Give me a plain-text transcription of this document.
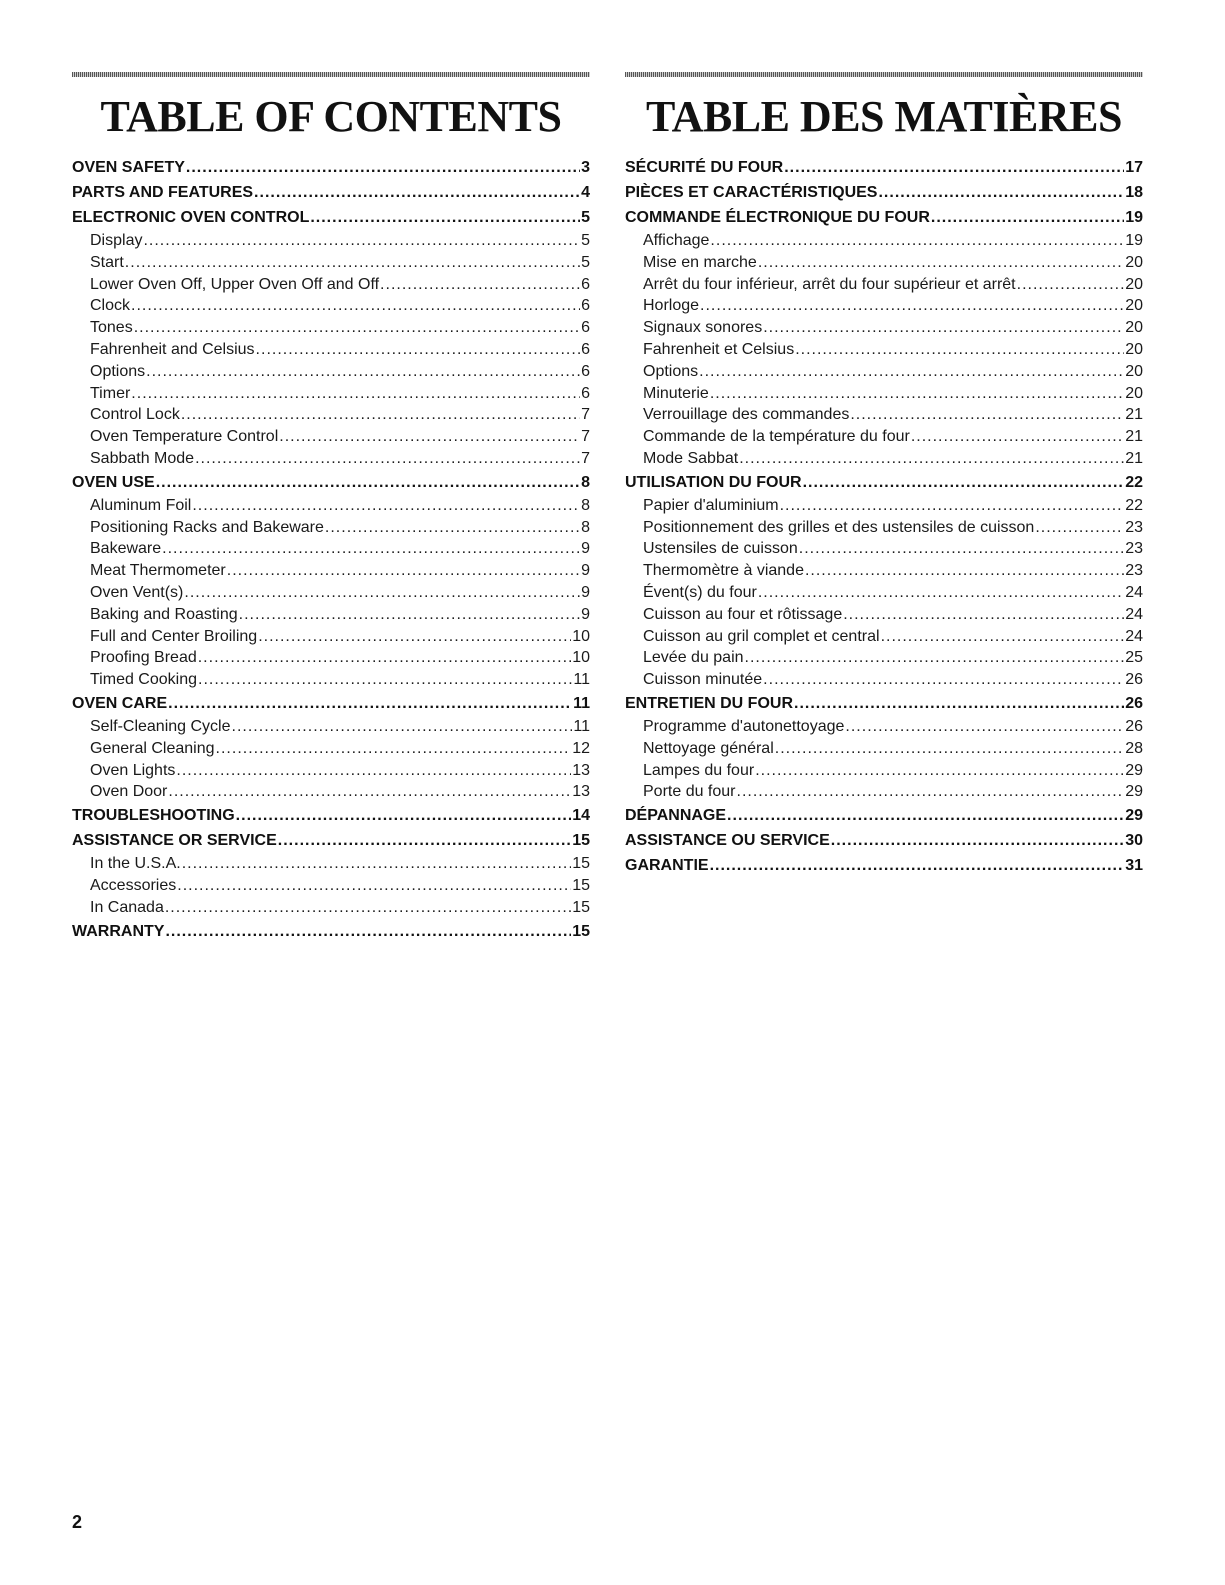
TABLE OF CONTENTS
OVEN SAFETY .....	3
PARTS AND FEATURES .....	4
ELECTRONIC OVEN CONTROL .....	5
Display .....	5
Start .....	5
Lower Oven Off, Upper Oven Off and Off .....	6
Clock .....	6
Tones .....	6
Fahrenheit and Celsius .....	6
Options .....	6
Timer .....	6
Control Lock .....	7
Oven Temperature Control .....	7
Sabbath Mode .....	7
OVEN USE .....	8
Aluminum Foil .....	8
Positioning Racks and Bakeware .....	8
Bakeware .....	9
Meat Thermometer .....	9
Oven Vent(s) .....	9
Baking and Roasting .....	9
Full and Center Broiling .....	10
Proofing Bread .....	10
Timed Cooking .....	11
OVEN CARE .....	11
Self-Cleaning Cycle .....	11
General Cleaning .....	12
Oven Lights .....	13
Oven Door .....	13
TROUBLESHOOTING .....	14
ASSISTANCE OR SERVICE .....	15
In the U.S.A. .....	15
Accessories .....	15
In Canada .....	15
WARRANTY .....	15
TABLE DES MATIÈRES
SÉCURITÉ DU FOUR .....	17
PIÈCES ET CARACTÉRISTIQUES .....	18
COMMANDE ÉLECTRONIQUE DU FOUR .....	19
Affichage .....	19
Mise en marche .....	20
Arrêt du four inférieur, arrêt du four supérieur et arrêt .....	20
Horloge .....	20
Signaux sonores .....	20
Fahrenheit et Celsius .....	20
Options .....	20
Minuterie .....	20
Verrouillage des commandes .....	21
Commande de la température du four .....	21
Mode Sabbat .....	21
UTILISATION DU FOUR .....	22
Papier d'aluminium .....	22
Positionnement des grilles et des ustensiles de cuisson .....	23
Ustensiles de cuisson .....	23
Thermomètre à viande .....	23
Évent(s) du four .....	24
Cuisson au four et rôtissage .....	24
Cuisson au gril complet et central .....	24
Levée du pain .....	25
Cuisson minutée .....	26
ENTRETIEN DU FOUR .....	26
Programme d'autonettoyage .....	26
Nettoyage général .....	28
Lampes du four .....	29
Porte du four .....	29
DÉPANNAGE .....	29
ASSISTANCE OU SERVICE .....	30
GARANTIE .....	31
2
